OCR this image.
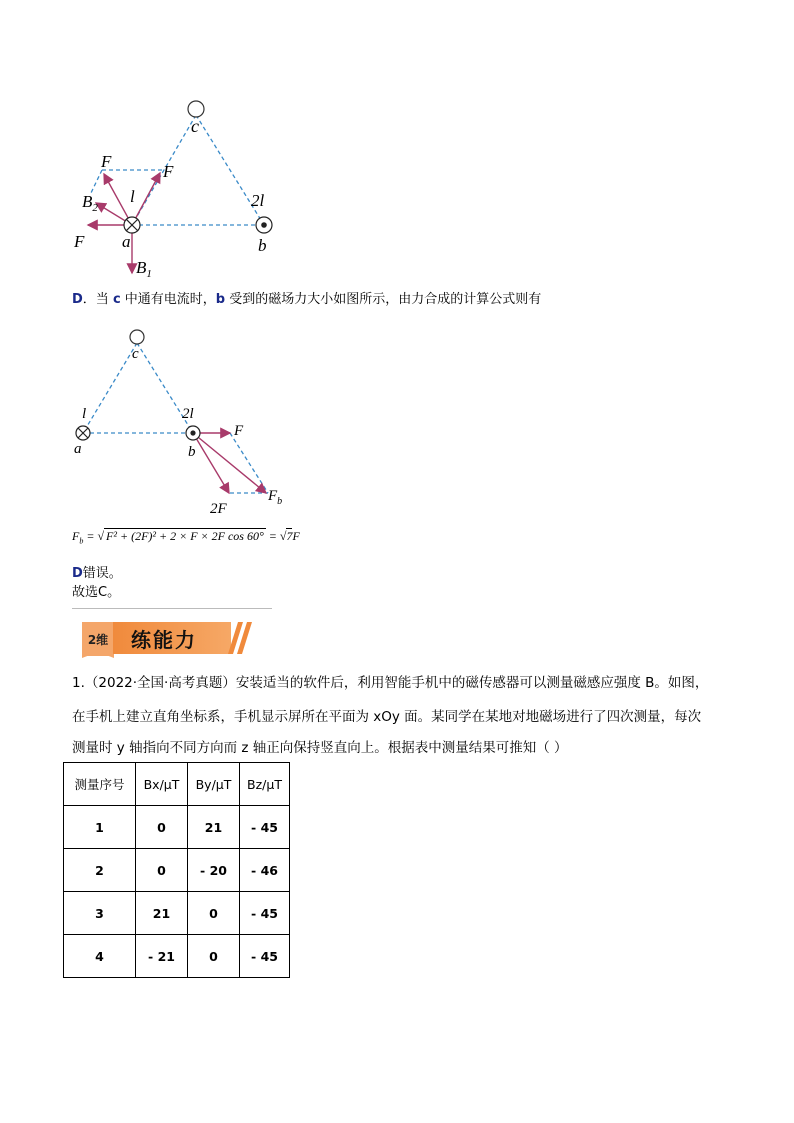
c
F
F
l
$B_2$	2l
F a	b
$B_1$
D．当 c 中通有电流时，b 受到的磁场力大小如图所示，由力合成的计算公式则有
c
l	2l
a	b
F
2F
$F_b$
$F_b$ = √ F² + (2F)² + 2 × F × 2F cos 60° = √7F
D错误。
故选C。
2维	练能力
1.（2022·全国·高考真题）安装适当的软件后，利用智能手机中的磁传感器可以测量磁感应强度 B。如图，
在手机上建立直角坐标系，手机显示屏所在平面为 xOy 面。某同学在某地对地磁场进行了四次测量，每次
测量时 y 轴指向不同方向而 z 轴正向保持竖直向上。根据表中测量结果可推知（ ）
测量序号	Bx/μT	By/μT	Bz/μT
1	0	21	- 45
2	0	- 20	- 46
3	21	0	- 45
4	- 21	0	- 45
